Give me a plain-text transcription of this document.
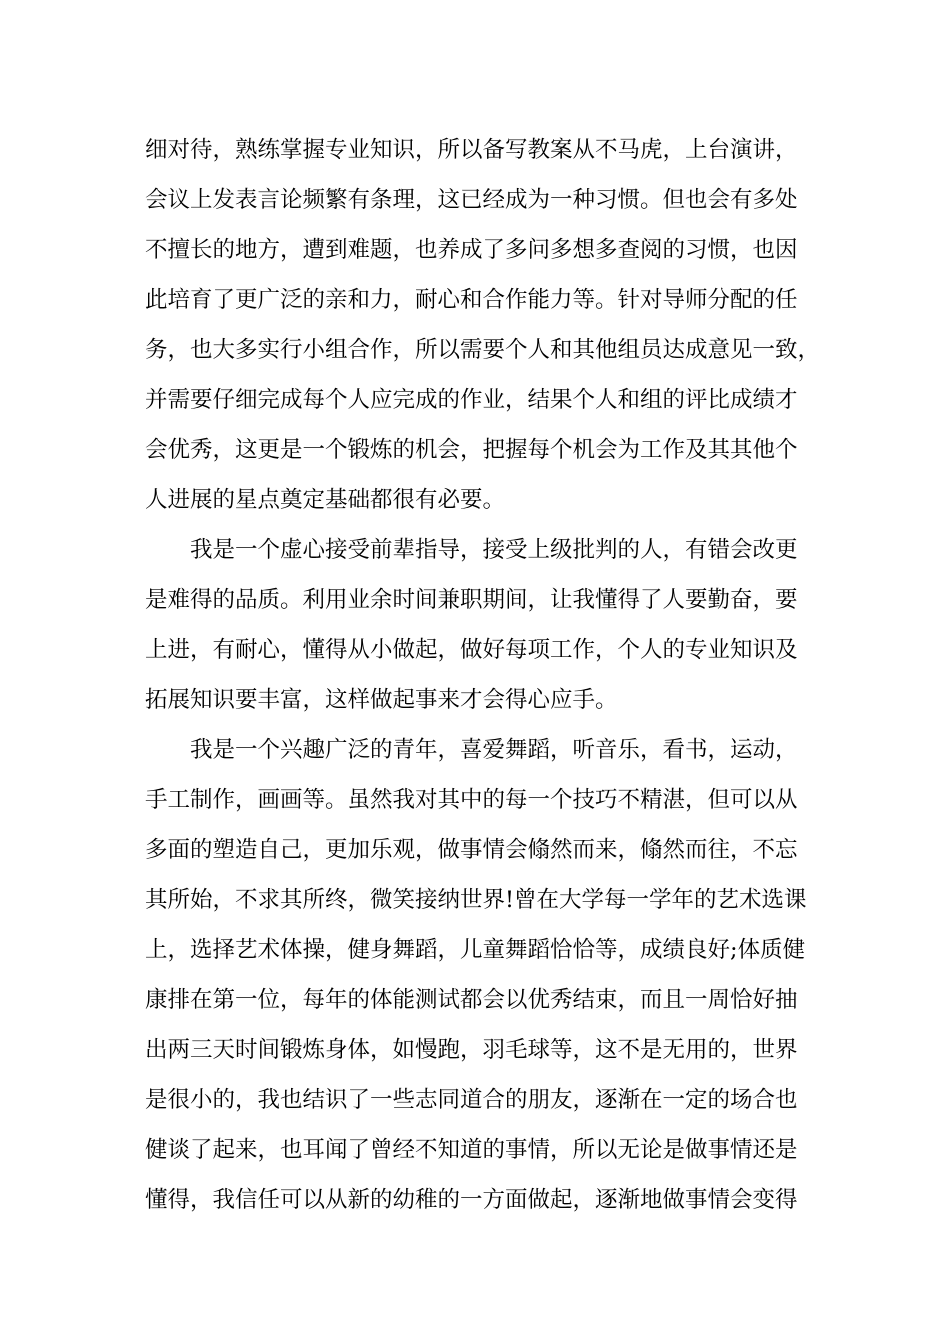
细对待，熟练掌握专业知识，所以备写教案从不马虎，上台演讲，
会议上发表言论频繁有条理，这已经成为一种习惯。但也会有多处
不擅长的地方，遭到难题，也养成了多问多想多查阅的习惯，也因
此培育了更广泛的亲和力，耐心和合作能力等。针对导师分配的任
务，也大多实行小组合作，所以需要个人和其他组员达成意见一致，
并需要仔细完成每个人应完成的作业，结果个人和组的评比成绩才
会优秀，这更是一个锻炼的机会，把握每个机会为工作及其其他个
人进展的星点奠定基础都很有必要。
我是一个虚心接受前辈指导，接受上级批判的人，有错会改更
是难得的品质。利用业余时间兼职期间，让我懂得了人要勤奋，要
上进，有耐心，懂得从小做起，做好每项工作，个人的专业知识及
拓展知识要丰富，这样做起事来才会得心应手。
我是一个兴趣广泛的青年，喜爱舞蹈，听音乐，看书，运动，
手工制作，画画等。虽然我对其中的每一个技巧不精湛，但可以从
多面的塑造自己，更加乐观，做事情会翛然而来，翛然而往，不忘
其所始，不求其所终，微笑接纳世界!曾在大学每一学年的艺术选课
上，选择艺术体操，健身舞蹈，儿童舞蹈恰恰等，成绩良好;体质健
康排在第一位，每年的体能测试都会以优秀结束，而且一周恰好抽
出两三天时间锻炼身体，如慢跑，羽毛球等，这不是无用的，世界
是很小的，我也结识了一些志同道合的朋友，逐渐在一定的场合也
健谈了起来，也耳闻了曾经不知道的事情，所以无论是做事情还是
懂得，我信任可以从新的幼稚的一方面做起，逐渐地做事情会变得
